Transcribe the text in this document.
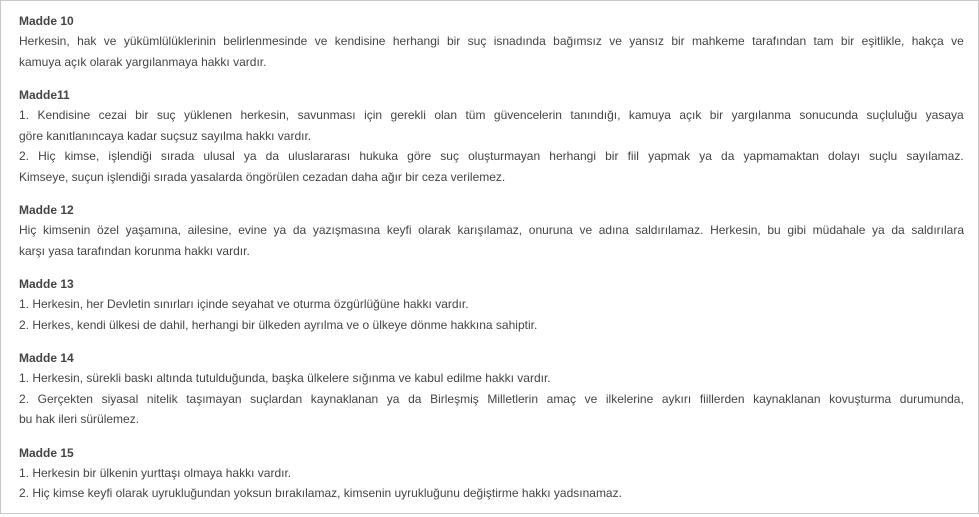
Madde 10
Herkesin, hak ve yükümlülüklerinin belirlenmesinde ve kendisine herhangi bir suç isnadında bağımsız ve yansız bir mahkeme tarafından tam bir eşitlikle, hakça ve
kamuya açık olarak yargılanmaya hakkı vardır.
Madde11
1. Kendisine cezai bir suç yüklenen herkesin, savunması için gerekli olan tüm güvencelerin tanındığı, kamuya açık bir yargılanma sonucunda suçluluğu yasaya
göre kanıtlanıncaya kadar suçsuz sayılma hakkı vardır.
2. Hiç kimse, işlendiği sırada ulusal ya da uluslararası hukuka göre suç oluşturmayan herhangi bir fiil yapmak ya da yapmamaktan dolayı suçlu sayılamaz.
Kimseye, suçun işlendiği sırada yasalarda öngörülen cezadan daha ağır bir ceza verilemez.
Madde 12
Hiç kimsenin özel yaşamına, ailesine, evine ya da yazışmasına keyfi olarak karışılamaz, onuruna ve adına saldırılamaz. Herkesin, bu gibi müdahale ya da saldırılara
karşı yasa tarafından korunma hakkı vardır.
Madde 13
1. Herkesin, her Devletin sınırları içinde seyahat ve oturma özgürlüğüne hakkı vardır.
2. Herkes, kendi ülkesi de dahil, herhangi bir ülkeden ayrılma ve o ülkeye dönme hakkına sahiptir.
Madde 14
1. Herkesin, sürekli baskı altında tutulduğunda, başka ülkelere sığınma ve kabul edilme hakkı vardır.
2. Gerçekten siyasal nitelik taşımayan suçlardan kaynaklanan ya da Birleşmiş Milletlerin amaç ve ilkelerine aykırı fiillerden kaynaklanan kovuşturma durumunda,
bu hak ileri sürülemez.
Madde 15
1. Herkesin bir ülkenin yurttaşı olmaya hakkı vardır.
2. Hiç kimse keyfi olarak uyrukluğundan yoksun bırakılamaz, kimsenin uyrukluğunu değiştirme hakkı yadsınamaz.
